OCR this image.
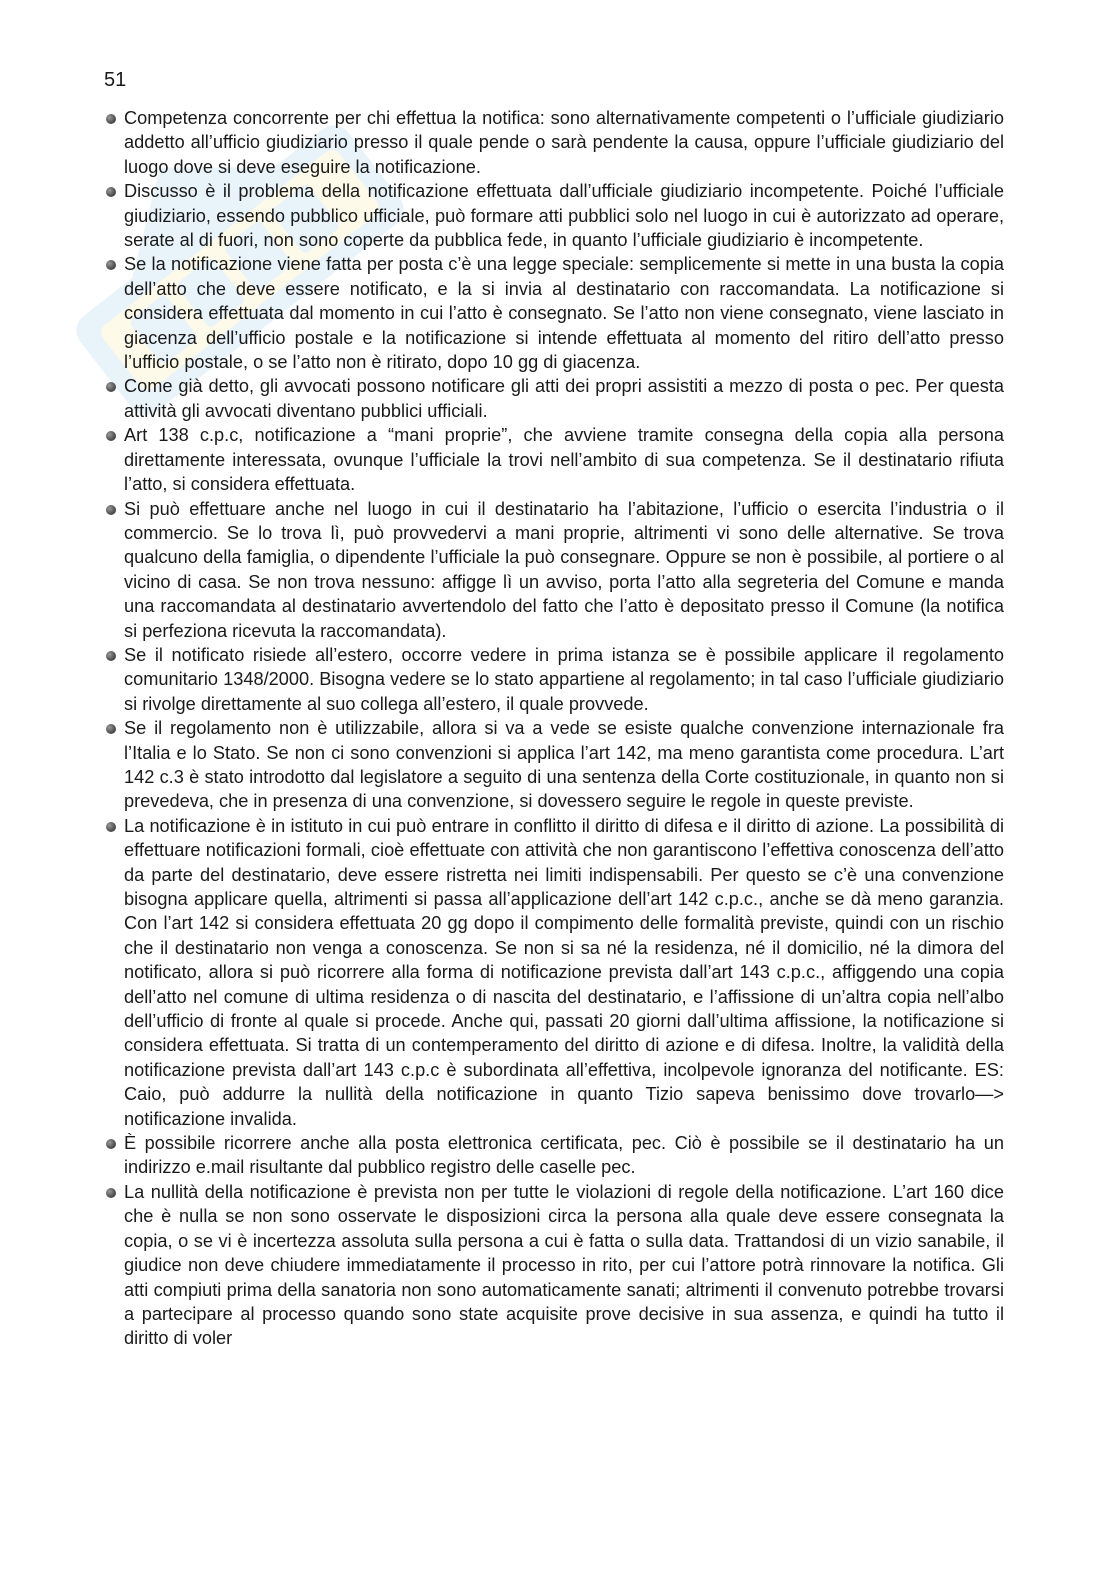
51
Competenza concorrente per chi effettua la notifica: sono alternativamente competenti o l’ufficiale giudiziario addetto all’ufficio giudiziario presso il quale pende o sarà pendente la causa, oppure l’ufficiale giudiziario del luogo dove si deve eseguire la notificazione.
Discusso è il problema della notificazione effettuata dall’ufficiale giudiziario incompetente. Poiché l’ufficiale giudiziario, essendo pubblico ufficiale, può formare atti pubblici solo nel luogo in cui è autorizzato ad operare, serate al di fuori, non sono coperte da pubblica fede, in quanto l’ufficiale giudiziario è incompetente.
Se la notificazione viene fatta per posta c’è una legge speciale: semplicemente si mette in una busta la copia dell’atto che deve essere notificato, e la si invia al destinatario con raccomandata. La notificazione si considera effettuata dal momento in cui l’atto è consegnato. Se l’atto non viene consegnato, viene lasciato in giacenza dell’ufficio postale e la notificazione si intende effettuata al momento del ritiro dell’atto presso l’ufficio postale, o se l’atto non è ritirato, dopo 10 gg di giacenza.
Come già detto, gli avvocati possono notificare gli atti dei propri assistiti a mezzo di posta o pec. Per questa attività gli avvocati diventano pubblici ufficiali.
Art 138 c.p.c, notificazione a “mani proprie”, che avviene tramite consegna della copia alla persona direttamente interessata, ovunque l’ufficiale la trovi nell’ambito di sua competenza. Se il destinatario rifiuta l’atto, si considera effettuata.
Si può effettuare anche nel luogo in cui il destinatario ha l’abitazione, l’ufficio o esercita l’industria o il commercio. Se lo trova lì, può provvedervi a mani proprie, altrimenti vi sono delle alternative. Se trova qualcuno della famiglia, o dipendente l’ufficiale la può consegnare. Oppure se non è possibile, al portiere o al vicino di casa. Se non trova nessuno: affigge lì un avviso, porta l’atto alla segreteria del Comune e manda una raccomandata al destinatario avvertendolo del fatto che l’atto è depositato presso il Comune (la notifica si perfeziona ricevuta la raccomandata).
Se il notificato risiede all’estero, occorre vedere in prima istanza se è possibile applicare il regolamento comunitario 1348/2000. Bisogna vedere se lo stato appartiene al regolamento; in tal caso l’ufficiale giudiziario si rivolge direttamente al suo collega all’estero, il quale provvede.
Se il regolamento non è utilizzabile, allora si va a vede se esiste qualche convenzione internazionale fra l’Italia e lo Stato. Se non ci sono convenzioni si applica l’art 142, ma meno garantista come procedura. L’art 142 c.3 è stato introdotto dal legislatore a seguito di una sentenza della Corte costituzionale, in quanto non si prevedeva, che in presenza di una convenzione, si dovessero seguire le regole in queste previste.
La notificazione è in istituto in cui può entrare in conflitto il diritto di difesa e il diritto di azione. La possibilità di effettuare notificazioni formali, cioè effettuate con attività che non garantiscono l’effettiva conoscenza dell’atto da parte del destinatario, deve essere ristretta nei limiti indispensabili. Per questo se c’è una convenzione bisogna applicare quella, altrimenti si passa all’applicazione dell’art 142 c.p.c., anche se dà meno garanzia. Con l’art 142 si considera effettuata 20 gg dopo il compimento delle formalità previste, quindi con un rischio che il destinatario non venga a conoscenza. Se non si sa né la residenza, né il domicilio, né la dimora del notificato, allora si può ricorrere alla forma di notificazione prevista dall’art 143 c.p.c., affiggendo una copia dell’atto nel comune di ultima residenza o di nascita del destinatario, e l’affissione di un’altra copia nell’albo dell’ufficio di fronte al quale si procede. Anche qui, passati 20 giorni dall’ultima affissione, la notificazione si considera effettuata. Si tratta di un contemperamento del diritto di azione e di difesa. Inoltre, la validità della notificazione prevista dall’art 143 c.p.c è subordinata all’effettiva, incolpevole ignoranza del notificante. ES: Caio, può addurre la nullità della notificazione in quanto Tizio sapeva benissimo dove trovarlo—> notificazione invalida.
È possibile ricorrere anche alla posta elettronica certificata, pec. Ciò è possibile se il destinatario ha un indirizzo e.mail risultante dal pubblico registro delle caselle pec.
La nullità della notificazione è prevista non per tutte le violazioni di regole della notificazione. L’art 160 dice che è nulla se non sono osservate le disposizioni circa la persona alla quale deve essere consegnata la copia, o se vi è incertezza assoluta sulla persona a cui è fatta o sulla data. Trattandosi di un vizio sanabile, il giudice non deve chiudere immediatamente il processo in rito, per cui l’attore potrà rinnovare la notifica. Gli atti compiuti prima della sanatoria non sono automaticamente sanati; altrimenti il convenuto potrebbe trovarsi a partecipare al processo quando sono state acquisite prove decisive in sua assenza, e quindi ha tutto il diritto di voler
